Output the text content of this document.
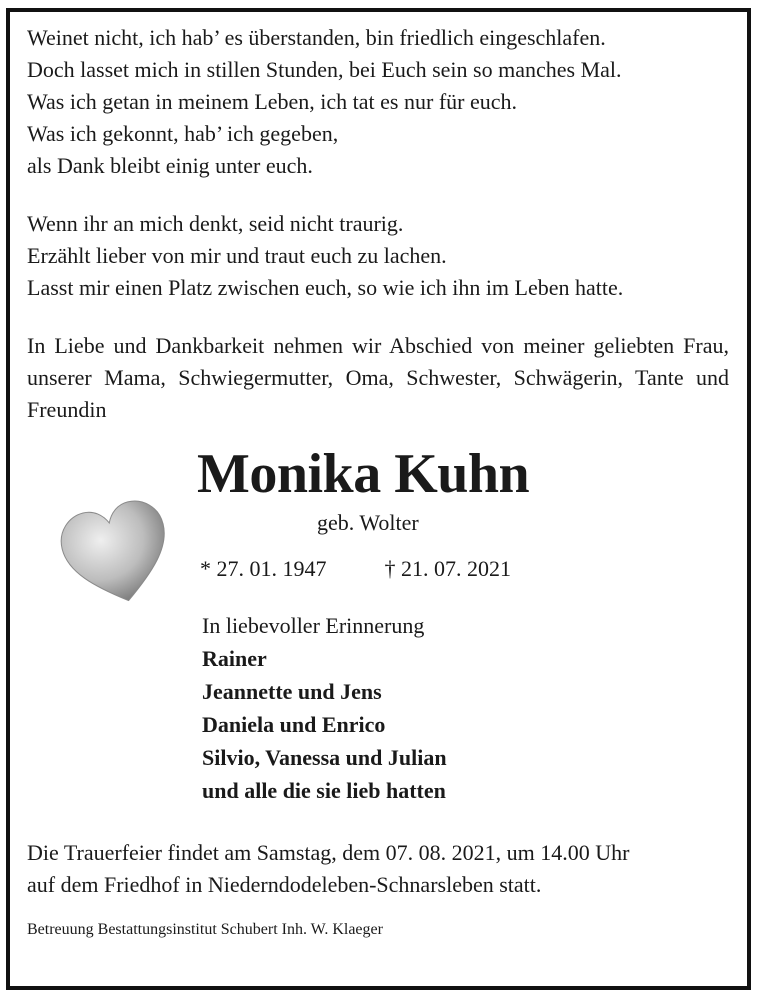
Weinet nicht, ich hab’ es überstanden, bin friedlich eingeschlafen.
Doch lasset mich in stillen Stunden, bei Euch sein so manches Mal.
Was ich getan in meinem Leben, ich tat es nur für euch.
Was ich gekonnt, hab’ ich gegeben,
als Dank bleibt einig unter euch.
Wenn ihr an mich denkt, seid nicht traurig.
Erzählt lieber von mir und traut euch zu lachen.
Lasst mir einen Platz zwischen euch, so wie ich ihn im Leben hatte.
In Liebe und Dankbarkeit nehmen wir Abschied von meiner geliebten Frau, unserer Mama, Schwiegermutter, Oma, Schwester, Schwägerin, Tante und Freundin
Monika Kuhn
geb. Wolter
* 27. 01. 1947	† 21. 07. 2021
In liebevoller Erinnerung
Rainer
Jeannette und Jens
Daniela und Enrico
Silvio, Vanessa und Julian
und alle die sie lieb hatten
Die Trauerfeier findet am Samstag, dem 07. 08. 2021, um 14.00 Uhr
auf dem Friedhof in Niederndodeleben-Schnarsleben statt.
Betreuung Bestattungsinstitut Schubert Inh. W. Klaeger
